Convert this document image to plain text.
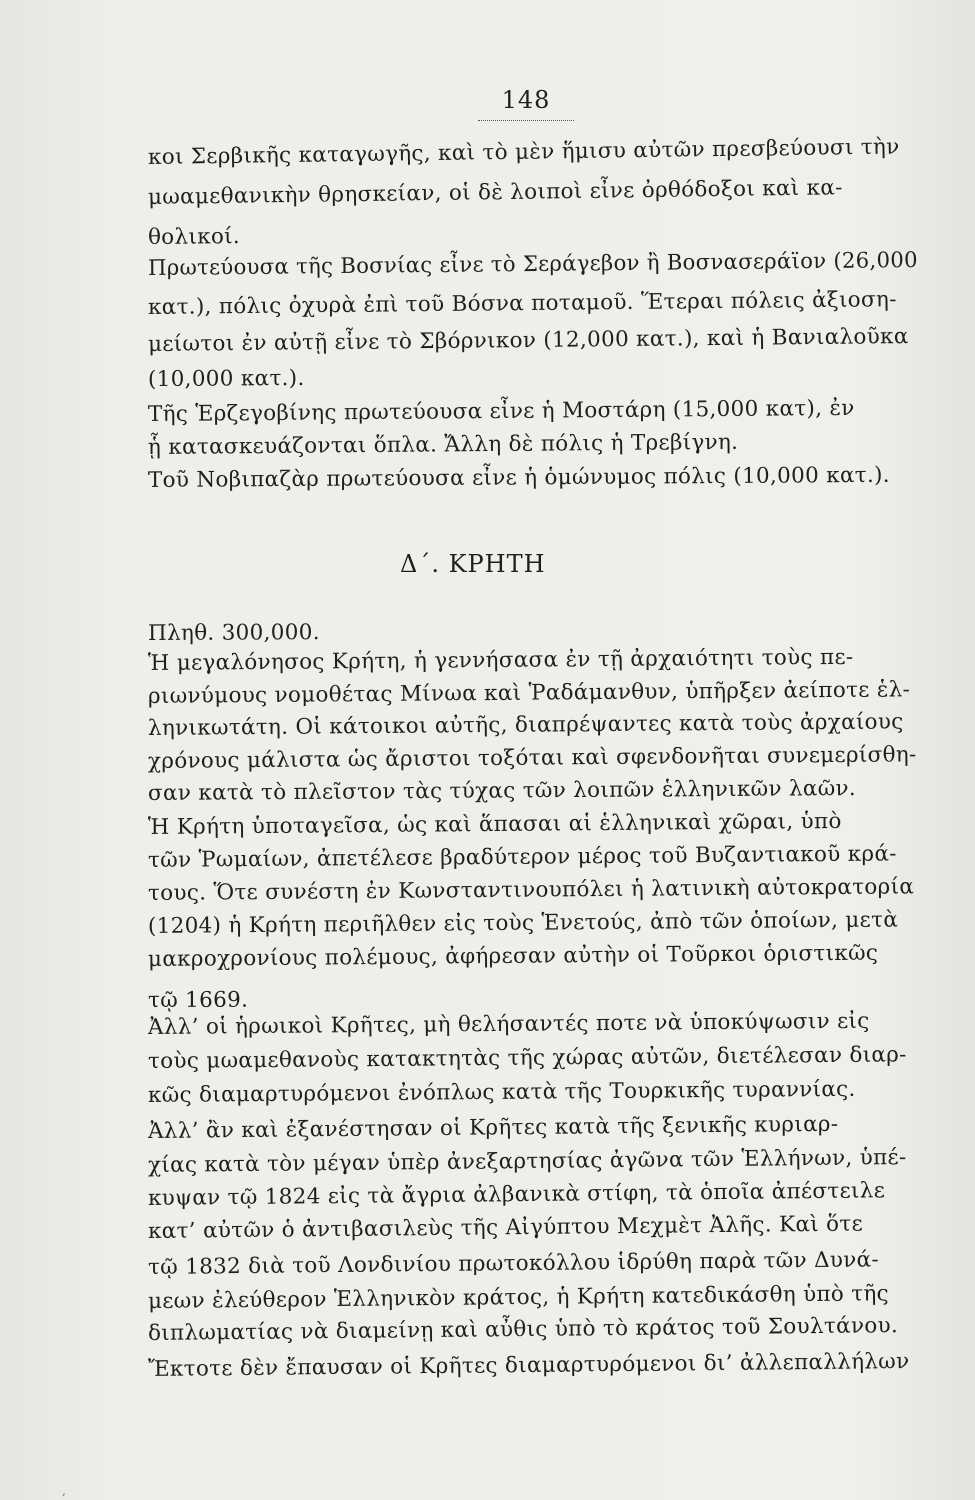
148
κοι Σερβικῆς καταγωγῆς, καὶ τὸ μὲν ἥμισυ αὐτῶν πρεσβεύουσι τὴν
μωαμεθανικὴν θρησκείαν, οἱ δὲ λοιποὶ εἶνε ὀρθόδοξοι καὶ κα-
θολικοί.
Πρωτεύουσα τῆς Βοσνίας εἶνε τὸ Σεράγεβον ἢ Βοσνασεράϊον (26,000
κατ.), πόλις ὀχυρὰ ἐπὶ τοῦ Βόσνα ποταμοῦ. Ἕτεραι πόλεις ἀξιοση-
μείωτοι ἐν αὐτῇ εἶνε τὸ Σβόρνικον (12,000 κατ.), καὶ ἡ Βανιαλοῦκα
(10,000 κατ.).
Τῆς Ἑρζεγοβίνης πρωτεύουσα εἶνε ἡ Μοστάρη (15,000 κατ), ἐν
ᾗ κατασκευάζονται ὅπλα. Ἄλλη δὲ πόλις ἡ Τρεβίγνη.
Τοῦ Νοβιπαζὰρ πρωτεύουσα εἶνε ἡ ὁμώνυμος πόλις (10,000 κατ.).
Δ΄. ΚΡΗΤΗ
Πληθ. 300,000.
Ἡ μεγαλόνησος Κρήτη, ἡ γεννήσασα ἐν τῇ ἀρχαιότητι τοὺς πε-
ριωνύμους νομοθέτας Μίνωα καὶ Ῥαδάμανθυν, ὑπῆρξεν ἀείποτε ἑλ-
ληνικωτάτη. Οἱ κάτοικοι αὐτῆς, διαπρέψαντες κατὰ τοὺς ἀρχαίους
χρόνους μάλιστα ὡς ἄριστοι τοξόται καὶ σφενδονῆται συνεμερίσθη-
σαν κατὰ τὸ πλεῖστον τὰς τύχας τῶν λοιπῶν ἑλληνικῶν λαῶν.
Ἡ Κρήτη ὑποταγεῖσα, ὡς καὶ ἅπασαι αἱ ἑλληνικαὶ χῶραι, ὑπὸ
τῶν Ῥωμαίων, ἀπετέλεσε βραδύτερον μέρος τοῦ Βυζαντιακοῦ κρά-
τους. Ὅτε συνέστη ἐν Κωνσταντινουπόλει ἡ λατινικὴ αὐτοκρατορία
(1204) ἡ Κρήτη περιῆλθεν εἰς τοὺς Ἑνετούς, ἀπὸ τῶν ὁποίων, μετὰ
μακροχρονίους πολέμους, ἀφήρεσαν αὐτὴν οἱ Τοῦρκοι ὁριστικῶς
τῷ 1669.
Ἀλλ’ οἱ ἡρωικοὶ Κρῆτες, μὴ θελήσαντές ποτε νὰ ὑποκύψωσιν εἰς
τοὺς μωαμεθανοὺς κατακτητὰς τῆς χώρας αὐτῶν, διετέλεσαν διαρ-
κῶς διαμαρτυρόμενοι ἐνόπλως κατὰ τῆς Τουρκικῆς τυραννίας.
Ἀλλ’ ἂν καὶ ἐξανέστησαν οἱ Κρῆτες κατὰ τῆς ξενικῆς κυριαρ-
χίας κατὰ τὸν μέγαν ὑπὲρ ἀνεξαρτησίας ἀγῶνα τῶν Ἑλλήνων, ὑπέ-
κυψαν τῷ 1824 εἰς τὰ ἄγρια ἀλβανικὰ στίφη, τὰ ὁποῖα ἀπέστειλε
κατ’ αὐτῶν ὁ ἀντιβασιλεὺς τῆς Αἰγύπτου Μεχμὲτ Ἀλῆς. Καὶ ὅτε
τῷ 1832 διὰ τοῦ Λονδινίου πρωτοκόλλου ἱδρύθη παρὰ τῶν Δυνά-
μεων ἐλεύθερον Ἑλληνικὸν κράτος, ἡ Κρήτη κατεδικάσθη ὑπὸ τῆς
διπλωματίας νὰ διαμείνῃ καὶ αὖθις ὑπὸ τὸ κράτος τοῦ Σουλτάνου.
Ἔκτοτε δὲν ἔπαυσαν οἱ Κρῆτες διαμαρτυρόμενοι δι’ ἀλλεπαλλήλων
,
